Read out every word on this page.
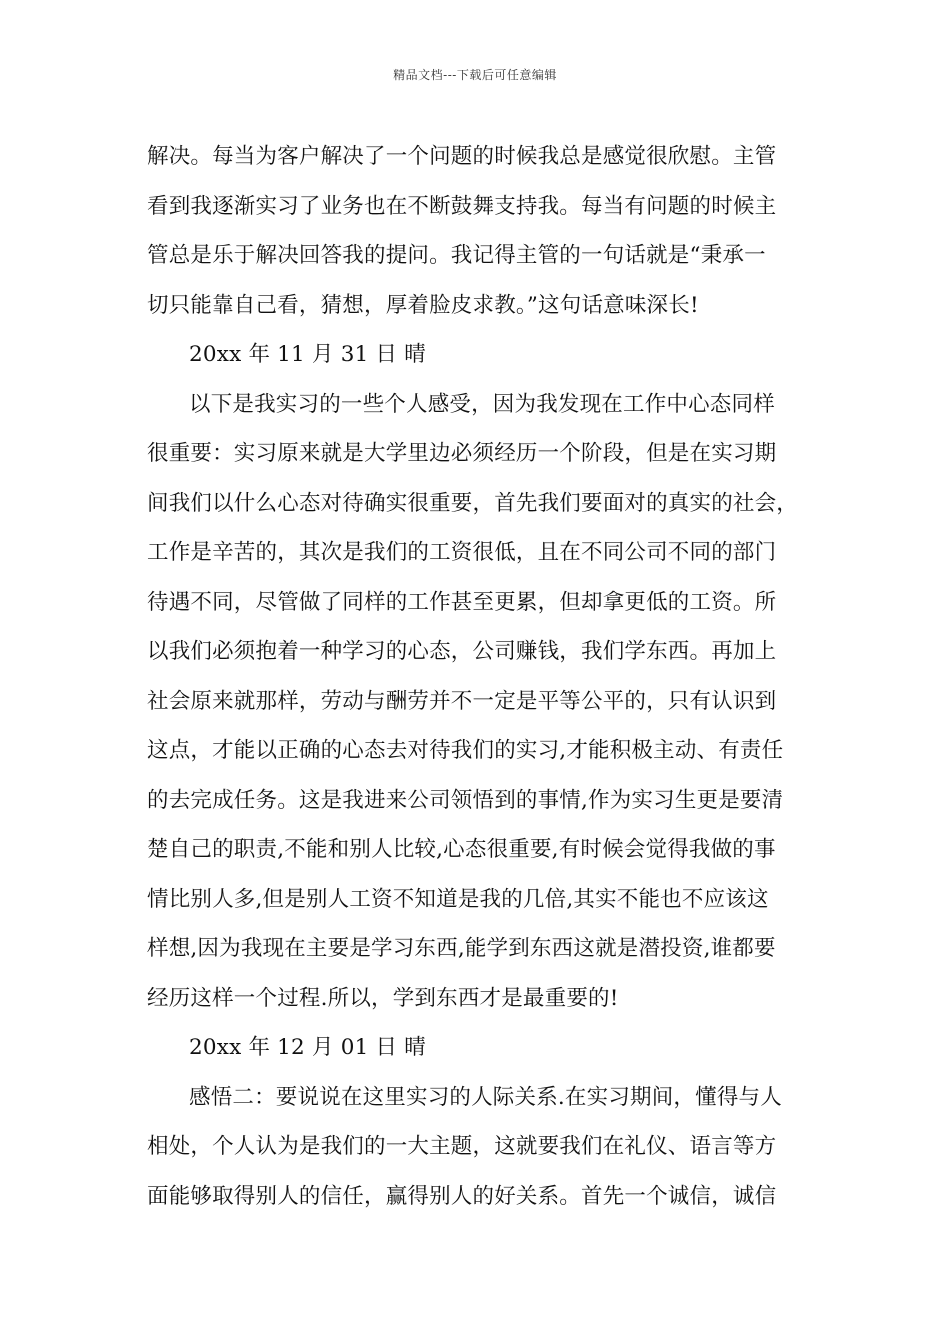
精品文档---下载后可任意编辑
解决。每当为客户解决了一个问题的时候我总是感觉很欣慰。主管
看到我逐渐实习了业务也在不断鼓舞支持我。每当有问题的时候主
管总是乐于解决回答我的提问。我记得主管的一句话就是“秉承一
切只能靠自己看，猜想，厚着脸皮求教。”这句话意味深长!
20xx 年 11 月 31 日 晴
以下是我实习的一些个人感受，因为我发现在工作中心态同样
很重要：实习原来就是大学里边必须经历一个阶段，但是在实习期
间我们以什么心态对待确实很重要，首先我们要面对的真实的社会，
工作是辛苦的，其次是我们的工资很低，且在不同公司不同的部门
待遇不同，尽管做了同样的工作甚至更累，但却拿更低的工资。所
以我们必须抱着一种学习的心态，公司赚钱，我们学东西。再加上
社会原来就那样，劳动与酬劳并不一定是平等公平的，只有认识到
这点，才能以正确的心态去对待我们的实习,才能积极主动、有责任
的去完成任务。这是我进来公司领悟到的事情,作为实习生更是要清
楚自己的职责,不能和别人比较,心态很重要,有时候会觉得我做的事
情比别人多,但是别人工资不知道是我的几倍,其实不能也不应该这
样想,因为我现在主要是学习东西,能学到东西这就是潜投资,谁都要
经历这样一个过程.所以，学到东西才是最重要的!
20xx 年 12 月 01 日 晴
感悟二：要说说在这里实习的人际关系.在实习期间，懂得与人
相处，个人认为是我们的一大主题，这就要我们在礼仪、语言等方
面能够取得别人的信任，赢得别人的好关系。首先一个诚信，诚信
